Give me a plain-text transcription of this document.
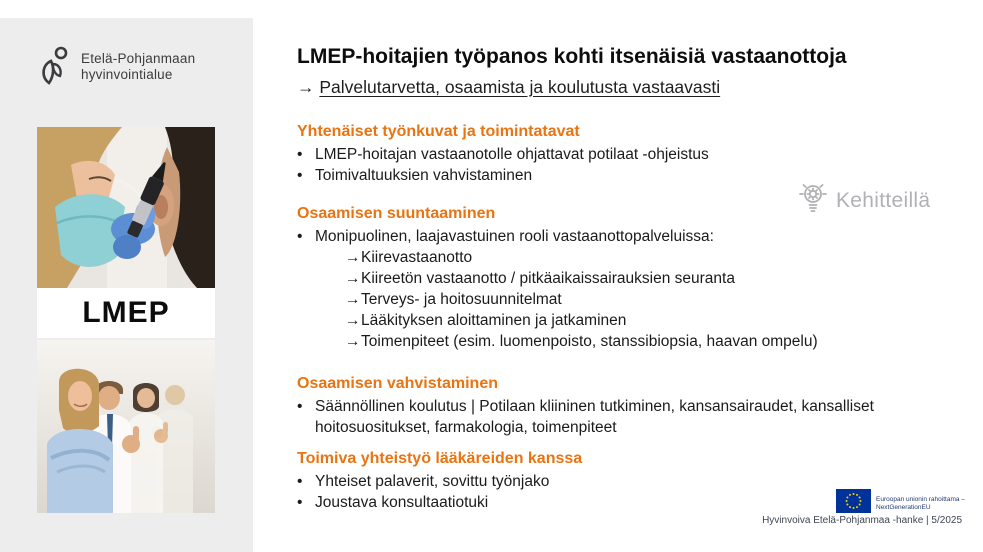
Etelä-Pohjanmaan
hyvinvointialue
LMEP
LMEP-hoitajien työpanos kohti itsenäisiä vastaanottoja
→ Palvelutarvetta, osaamista ja koulutusta vastaavasti
Yhtenäiset työnkuvat ja toimintatavat
• LMEP-hoitajan vastaanotolle ohjattavat potilaat -ohjeistus
• Toimivaltuuksien vahvistaminen
Osaamisen suuntaaminen
• Monipuolinen, laajavastuinen rooli vastaanottopalveluissa:
→ Kiirevastaanotto
→ Kiireetön vastaanotto / pitkäaikaissairauksien seuranta
→ Terveys- ja hoitosuunnitelmat
→ Lääkityksen aloittaminen ja jatkaminen
→ Toimenpiteet (esim. luomenpoisto, stanssibiopsia, haavan ompelu)
Osaamisen vahvistaminen
• Säännöllinen koulutus | Potilaan kliininen tutkiminen, kansansairaudet, kansalliset hoitosuositukset, farmakologia, toimenpiteet
Toimiva yhteistyö lääkäreiden kanssa
• Yhteiset palaverit, sovittu työnjako
• Joustava konsultaatiotuki
Kehitteillä
Euroopan unionin rahoittama –
NextGenerationEU
Hyvinvoiva Etelä-Pohjanmaa -hanke | 5/2025
